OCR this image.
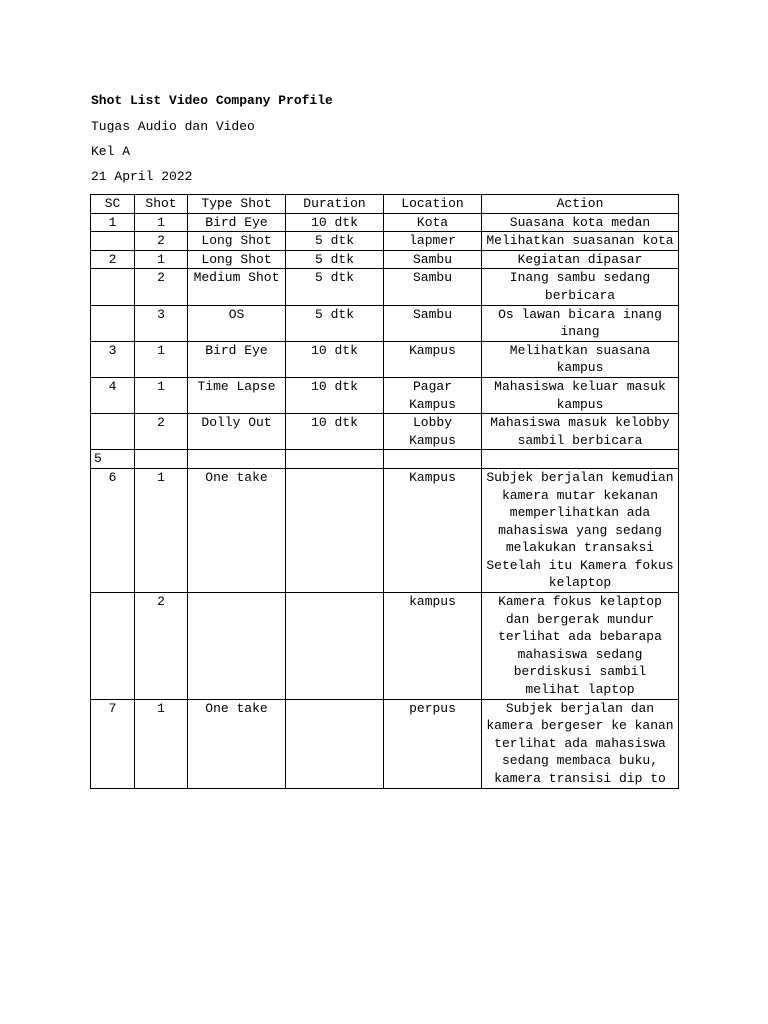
Shot List Video Company Profile
Tugas Audio dan Video
Kel A
21 April 2022
SC	Shot	Type Shot	Duration	Location	Action
1	1	Bird Eye	10 dtk	Kota	Suasana kota medan
	2	Long Shot	5 dtk	lapmer	Melihatkan suasanan kota
2	1	Long Shot	5 dtk	Sambu	Kegiatan dipasar
	2	Medium Shot	5 dtk	Sambu	Inang sambu sedang berbicara
	3	OS	5 dtk	Sambu	Os lawan bicara inang inang
3	1	Bird Eye	10 dtk	Kampus	Melihatkan suasana kampus
4	1	Time Lapse	10 dtk	Pagar Kampus	Mahasiswa keluar masuk kampus
	2	Dolly Out	10 dtk	Lobby Kampus	Mahasiswa masuk kelobby sambil berbicara
5					
6	1	One take		Kampus	Subjek berjalan kemudian kamera mutar kekanan memperlihatkan ada mahasiswa yang sedang melakukan transaksi Setelah itu Kamera fokus kelaptop
	2			kampus	Kamera fokus kelaptop dan bergerak mundur terlihat ada bebarapa mahasiswa sedang berdiskusi sambil melihat laptop
7	1	One take		perpus	Subjek berjalan dan kamera bergeser ke kanan terlihat ada mahasiswa sedang membaca buku, kamera transisi dip to
